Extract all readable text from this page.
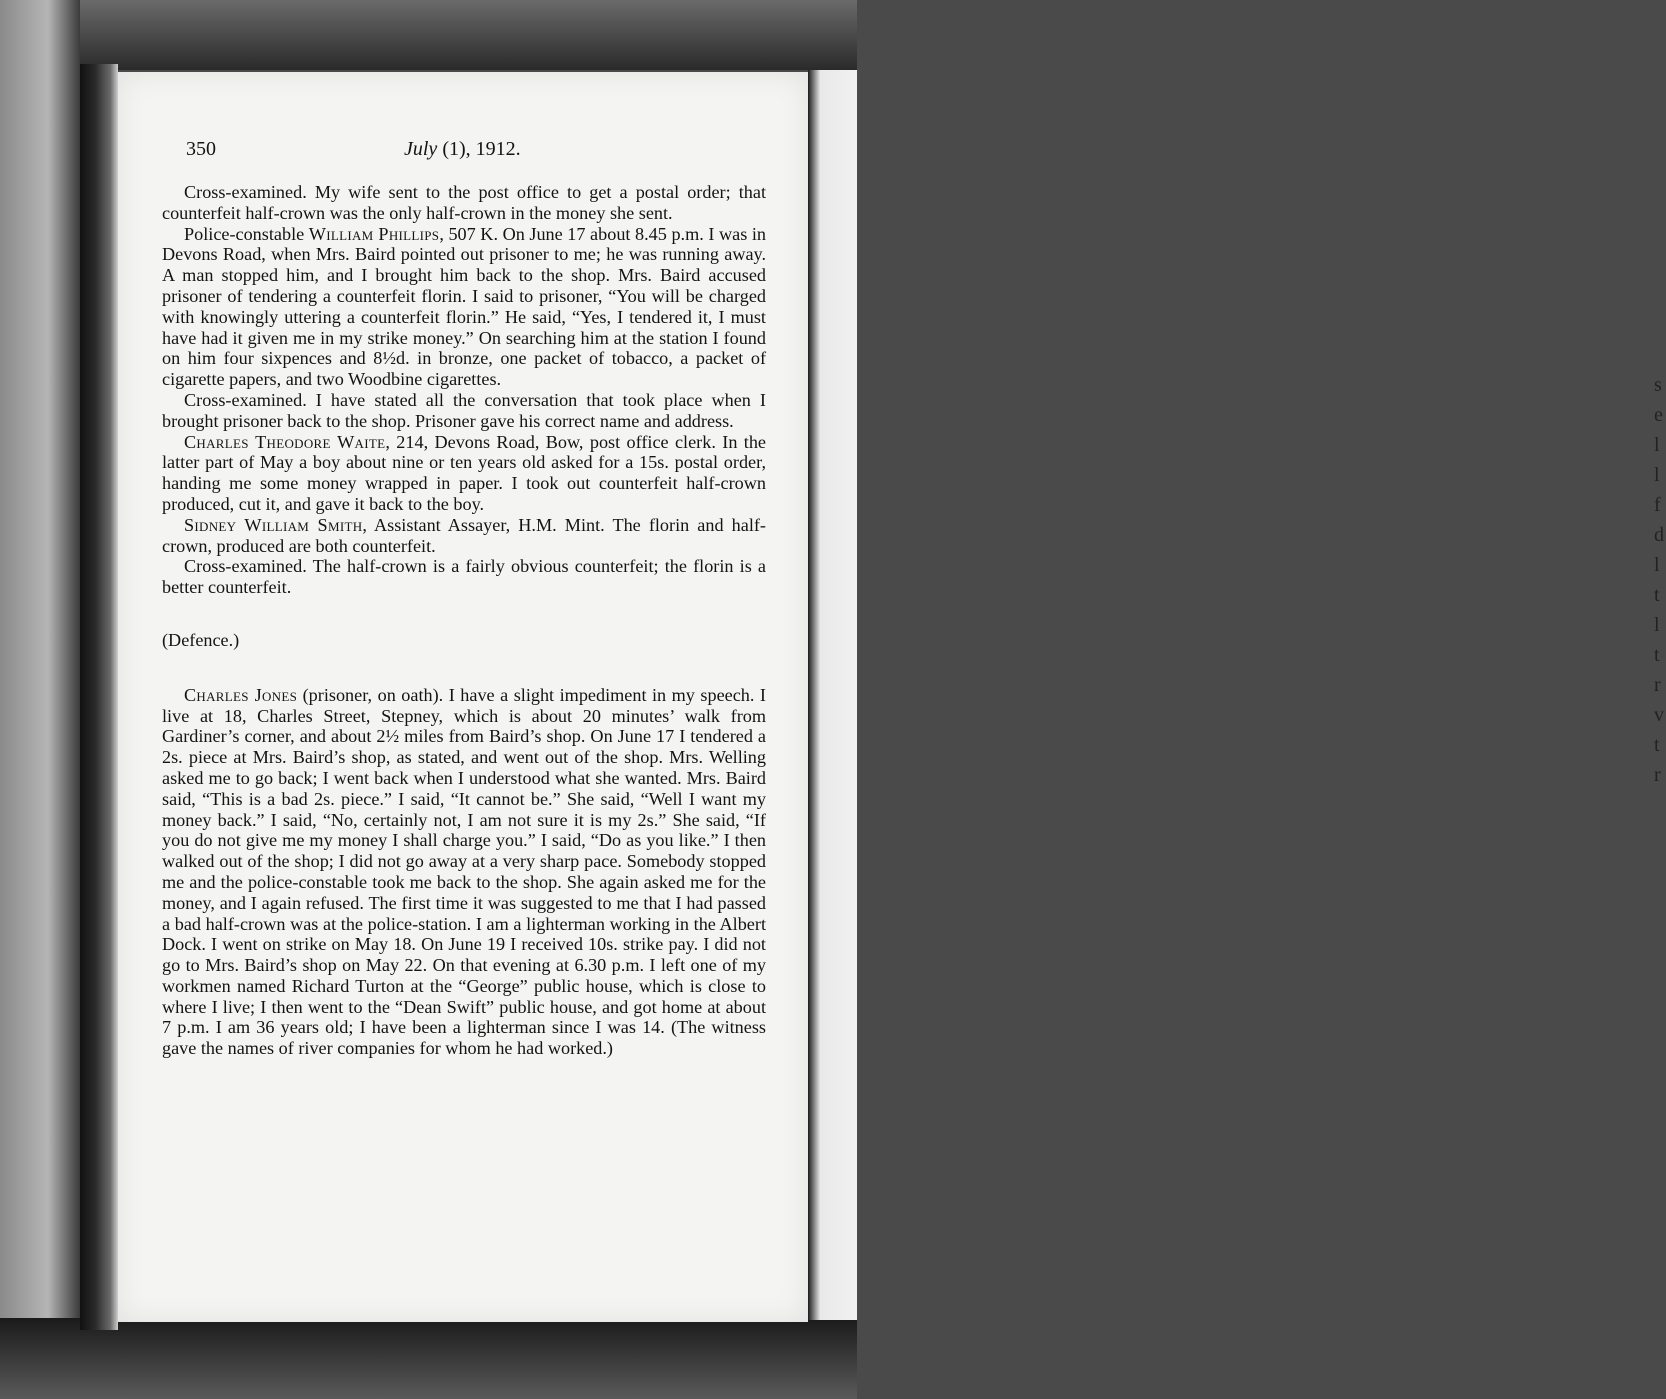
s e l l f d l t l t r v t r
350	July (1), 1912.

Cross-examined. My wife sent to the post office to get a postal order; that counterfeit half-crown was the only half-crown in the money she sent.

Police-constable William Phillips, 507 K. On June 17 about 8.45 p.m. I was in Devons Road, when Mrs. Baird pointed out prisoner to me; he was running away. A man stopped him, and I brought him back to the shop. Mrs. Baird accused prisoner of tendering a counterfeit florin. I said to prisoner, “You will be charged with knowingly uttering a counterfeit florin.” He said, “Yes, I tendered it, I must have had it given me in my strike money.” On searching him at the station I found on him four sixpences and 8½d. in bronze, one packet of tobacco, a packet of cigarette papers, and two Woodbine cigarettes.

Cross-examined. I have stated all the conversation that took place when I brought prisoner back to the shop. Prisoner gave his correct name and address.

Charles Theodore Waite, 214, Devons Road, Bow, post office clerk. In the latter part of May a boy about nine or ten years old asked for a 15s. postal order, handing me some money wrapped in paper. I took out counterfeit half-crown produced, cut it, and gave it back to the boy.

Sidney William Smith, Assistant Assayer, H.M. Mint. The florin and half-crown, produced are both counterfeit.

Cross-examined. The half-crown is a fairly obvious counterfeit; the florin is a better counterfeit.

(Defence.)

Charles Jones (prisoner, on oath). I have a slight impediment in my speech. I live at 18, Charles Street, Stepney, which is about 20 minutes’ walk from Gardiner’s corner, and about 2½ miles from Baird’s shop. On June 17 I tendered a 2s. piece at Mrs. Baird’s shop, as stated, and went out of the shop. Mrs. Welling asked me to go back; I went back when I understood what she wanted. Mrs. Baird said, “This is a bad 2s. piece.” I said, “It cannot be.” She said, “Well I want my money back.” I said, “No, certainly not, I am not sure it is my 2s.” She said, “If you do not give me my money I shall charge you.” I said, “Do as you like.” I then walked out of the shop; I did not go away at a very sharp pace. Somebody stopped me and the police-constable took me back to the shop. She again asked me for the money, and I again refused. The first time it was suggested to me that I had passed a bad half-crown was at the police-station. I am a lighterman working in the Albert Dock. I went on strike on May 18. On June 19 I received 10s. strike pay. I did not go to Mrs. Baird’s shop on May 22. On that evening at 6.30 p.m. I left one of my workmen named Richard Turton at the “George” public house, which is close to where I live; I then went to the “Dean Swift” public house, and got home at about 7 p.m. I am 36 years old; I have been a lighterman since I was 14. (The witness gave the names of river companies for whom he had worked.)
